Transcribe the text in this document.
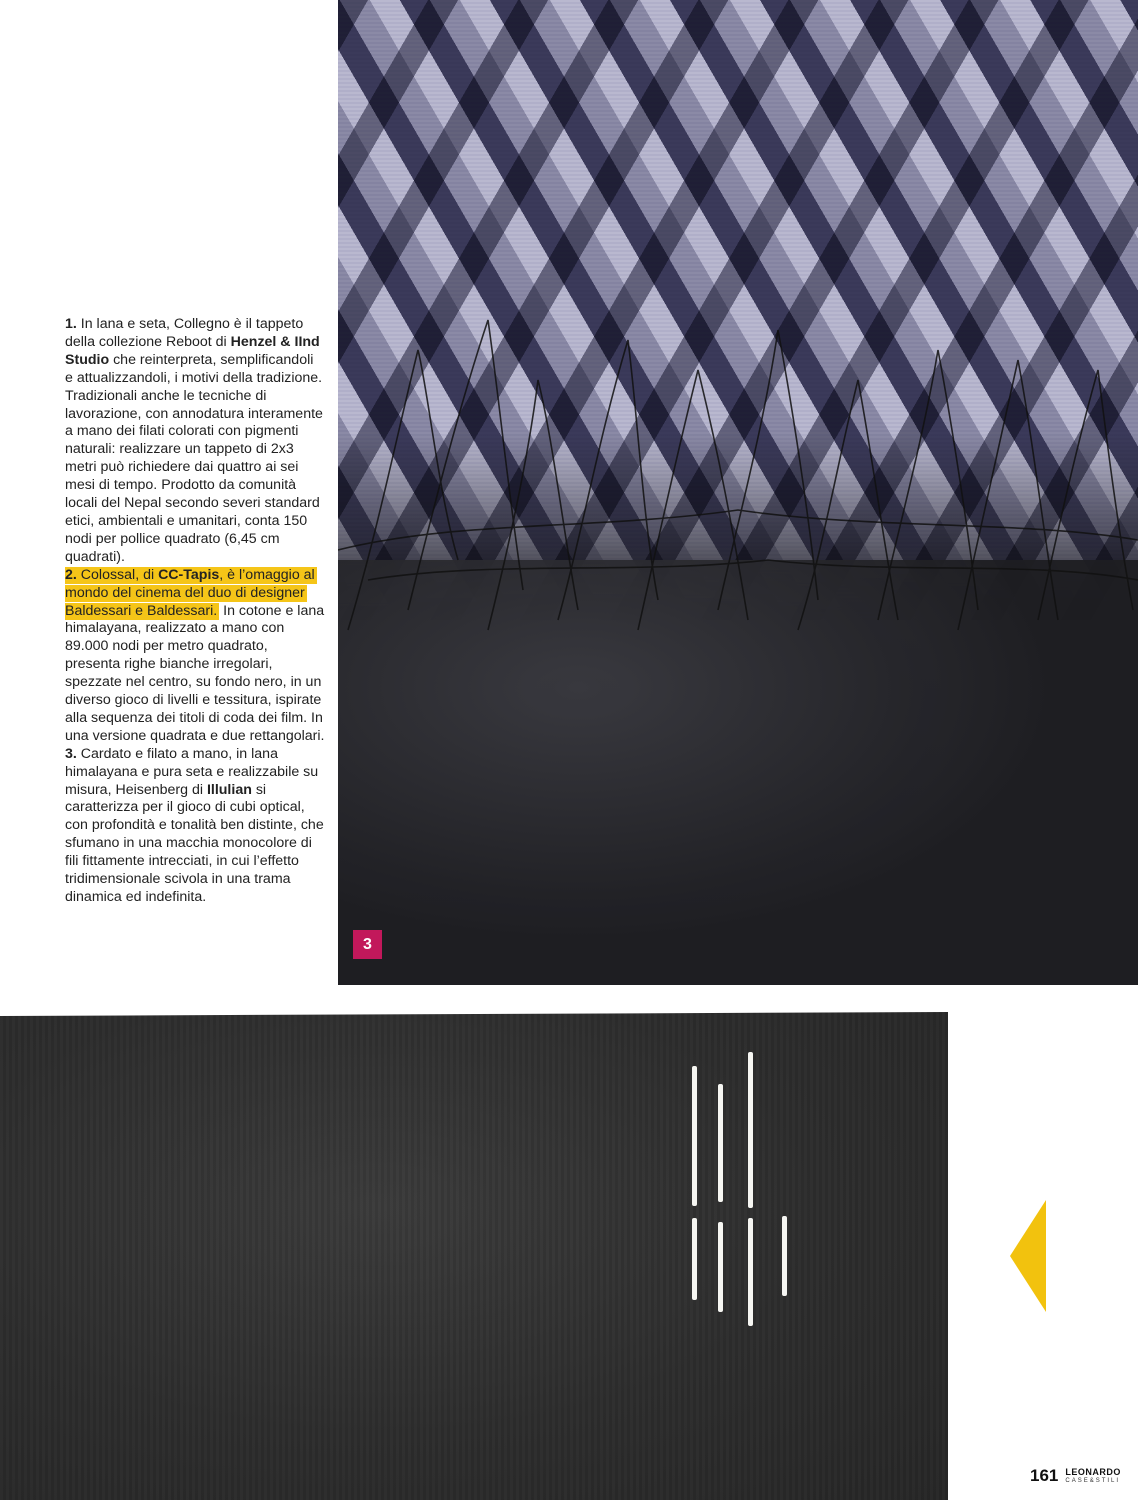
1. In lana e seta, Collegno è il tappeto della collezione Reboot di Henzel & IInd Studio che reinterpreta, semplificandoli e attualizzandoli, i motivi della tradizione. Tradizionali anche le tecniche di lavorazione, con annodatura interamente a mano dei filati colorati con pigmenti naturali: realizzare un tappeto di 2x3 metri può richiedere dai quattro ai sei mesi di tempo. Prodotto da comunità locali del Nepal secondo severi standard etici, ambientali e umanitari, conta 150 nodi per pollice quadrato (6,45 cm quadrati).

2. Colossal, di CC-Tapis, è l’omaggio al mondo del cinema del duo di designer Baldessari e Baldessari. In cotone e lana himalayana, realizzato a mano con 89.000 nodi per metro quadrato, presenta righe bianche irregolari, spezzate nel centro, su fondo nero, in un diverso gioco di livelli e tessitura, ispirate alla sequenza dei titoli di coda dei film. In una versione quadrata e due rettangolari.

3. Cardato e filato a mano, in lana himalayana e pura seta e realizzabile su misura, Heisenberg di Illulian si caratterizza per il gioco di cubi optical, con profondità e tonalità ben distinte, che sfumano in una macchia monocolore di fili fittamente intrecciati, in cui l’effetto tridimensionale scivola in una trama dinamica ed indefinita.

3
161 LEONARDO
CASE&STILI
